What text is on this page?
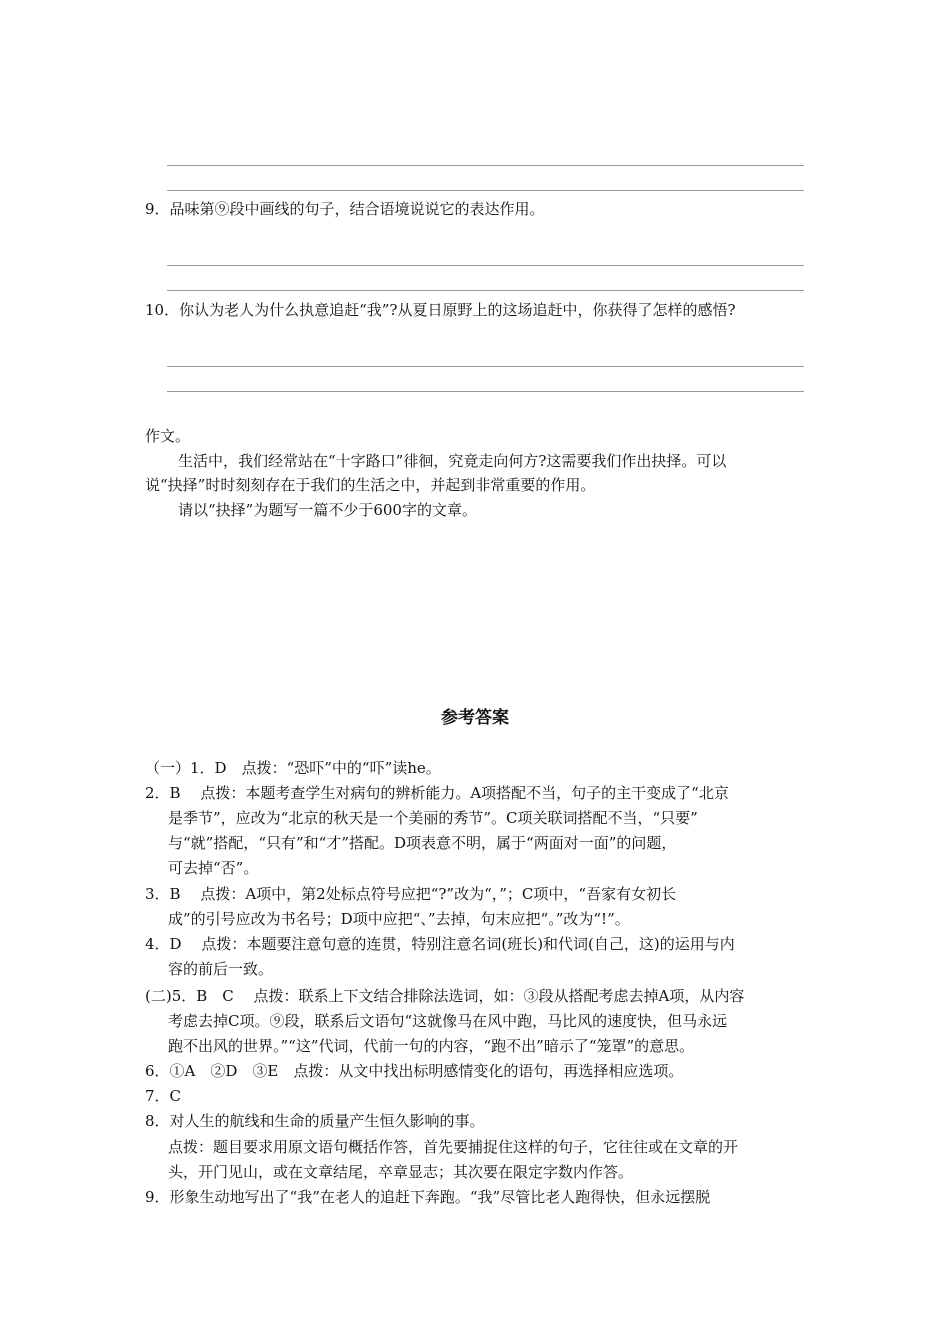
9．品味第⑨段中画线的句子，结合语境说说它的表达作用。
10．你认为老人为什么执意追赶“我”?从夏日原野上的这场追赶中，你获得了怎样的感悟?
作文。
生活中，我们经常站在“十字路口”徘徊，究竟走向何方?这需要我们作出抉择。可以
说“抉择”时时刻刻存在于我们的生活之中，并起到非常重要的作用。
请以“抉择”为题写一篇不少于600字的文章。
参考答案
（一）1．D　点拨：“恐吓”中的“吓”读he。
2．B　 点拨：本题考查学生对病句的辨析能力。A项搭配不当，句子的主干变成了“北京
是季节”，应改为“北京的秋天是一个美丽的秀节”。C项关联词搭配不当，“只要”
与“就”搭配，“只有”和“才”搭配。D项表意不明，属于“两面对一面”的问题，
可去掉“否”。
3．B　 点拨：A项中，第2处标点符号应把“?”改为“，”；C项中，“吾家有女初长
成”的引号应改为书名号；D项中应把“、”去掉，句末应把“。”改为“!”。
4．D　 点拨：本题要注意句意的连贯，特别注意名词(班长)和代词(自己，这)的运用与内
容的前后一致。
(二)5．B　C　 点拨：联系上下文结合排除法选词，如：③段从搭配考虑去掉A项，从内容
考虑去掉C项。⑨段，联系后文语句“这就像马在风中跑，马比风的速度快，但马永远
跑不出风的世界。”“这”代词，代前一句的内容，“跑不出”暗示了“笼罩”的意思。
6．①A　②D　③E　点拨：从文中找出标明感情变化的语句，再选择相应选项。
7．C
8．对人生的航线和生命的质量产生恒久影响的事。
点拨：题目要求用原文语句概括作答，首先要捕捉住这样的句子，它往往或在文章的开
头，开门见山，或在文章结尾，卒章显志；其次要在限定字数内作答。
9．形象生动地写出了“我”在老人的追赶下奔跑。“我”尽管比老人跑得快，但永远摆脱
